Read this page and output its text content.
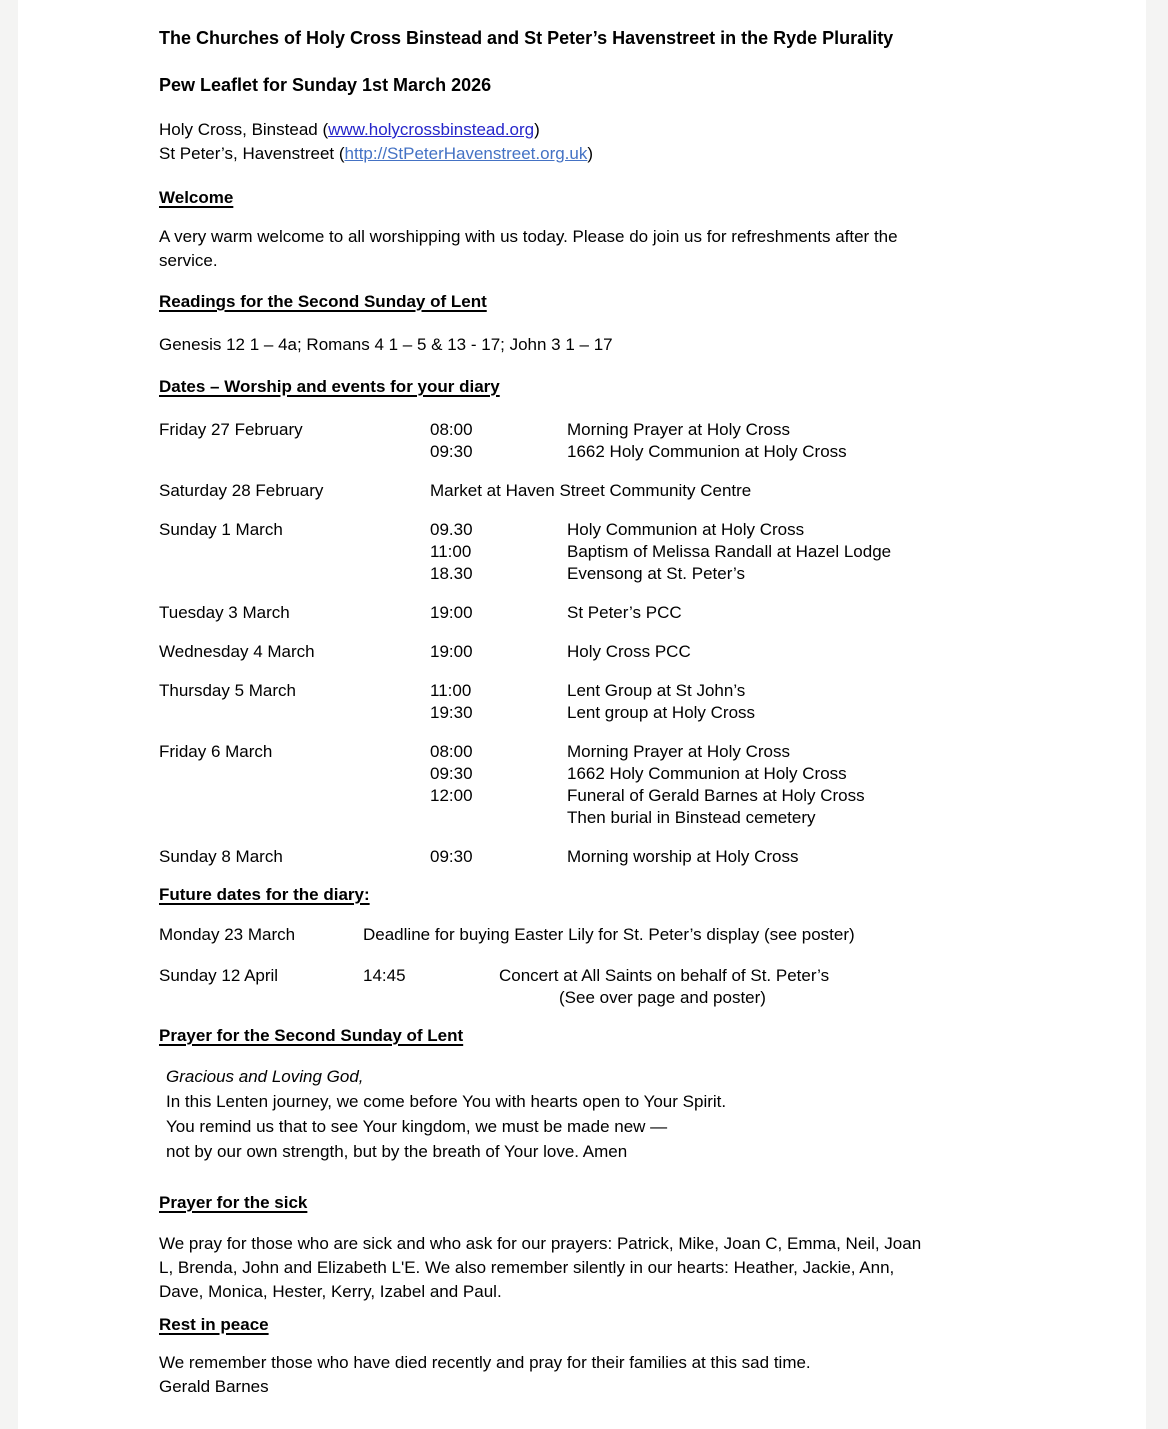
The Churches of Holy Cross Binstead and St Peter’s Havenstreet in the Ryde Plurality
Pew Leaflet for Sunday 1st March 2026
Holy Cross, Binstead (www.holycrossbinstead.org)
St Peter’s, Havenstreet (http://StPeterHavenstreet.org.uk)
Welcome
A very warm welcome to all worshipping with us today. Please do join us for refreshments after the
service.
Readings for the Second Sunday of Lent
Genesis 12 1 – 4a; Romans 4 1 – 5 & 13 - 17; John 3 1 – 17
Dates – Worship and events for your diary
Friday 27 February	08:00	Morning Prayer at Holy Cross
09:30	1662 Holy Communion at Holy Cross
Saturday 28 February	Market at Haven Street Community Centre
Sunday 1 March	09.30	Holy Communion at Holy Cross
11:00	Baptism of Melissa Randall at Hazel Lodge
18.30	Evensong at St. Peter’s
Tuesday 3 March	19:00	St Peter’s PCC
Wednesday 4 March	19:00	Holy Cross PCC
Thursday 5 March	11:00	Lent Group at St John’s
19:30	Lent group at Holy Cross
Friday 6 March	08:00	Morning Prayer at Holy Cross
09:30	1662 Holy Communion at Holy Cross
12:00	Funeral of Gerald Barnes at Holy Cross
Then burial in Binstead cemetery
Sunday 8 March	09:30	Morning worship at Holy Cross
Future dates for the diary:
Monday 23 March	Deadline for buying Easter Lily for St. Peter’s display (see poster)
Sunday 12 April	14:45	Concert at All Saints on behalf of St. Peter’s
(See over page and poster)
Prayer for the Second Sunday of Lent
Gracious and Loving God,
In this Lenten journey, we come before You with hearts open to Your Spirit.
You remind us that to see Your kingdom, we must be made new —
not by our own strength, but by the breath of Your love. Amen
Prayer for the sick
We pray for those who are sick and who ask for our prayers: Patrick, Mike, Joan C, Emma, Neil, Joan
L, Brenda, John and Elizabeth L'E. We also remember silently in our hearts: Heather, Jackie, Ann,
Dave, Monica, Hester, Kerry, Izabel and Paul.
Rest in peace
We remember those who have died recently and pray for their families at this sad time.
Gerald Barnes
